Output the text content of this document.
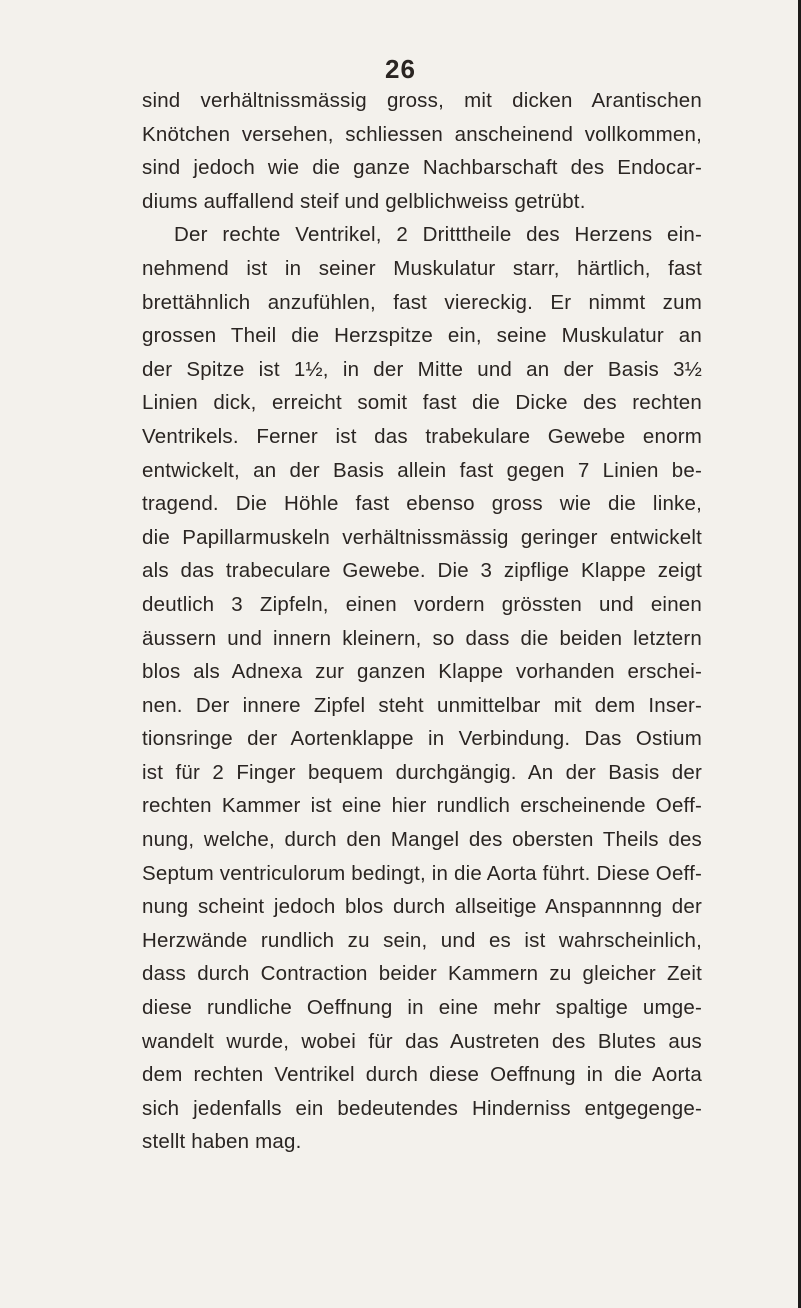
26
sind verhältnissmässig gross, mit dicken Arantischen
Knötchen versehen, schliessen anscheinend vollkommen,
sind jedoch wie die ganze Nachbarschaft des Endocar-
diums auffallend steif und gelblichweiss getrübt.
Der rechte Ventrikel, 2 Dritttheile des Herzens ein-
nehmend ist in seiner Muskulatur starr, härtlich, fast
brettähnlich anzufühlen, fast viereckig. Er nimmt zum
grossen Theil die Herzspitze ein, seine Muskulatur an
der Spitze ist 1½, in der Mitte und an der Basis 3½
Linien dick, erreicht somit fast die Dicke des rechten
Ventrikels. Ferner ist das trabekulare Gewebe enorm
entwickelt, an der Basis allein fast gegen 7 Linien be-
tragend. Die Höhle fast ebenso gross wie die linke,
die Papillarmuskeln verhältnissmässig geringer entwickelt
als das trabeculare Gewebe. Die 3 zipflige Klappe zeigt
deutlich 3 Zipfeln, einen vordern grössten und einen
äussern und innern kleinern, so dass die beiden letztern
blos als Adnexa zur ganzen Klappe vorhanden erschei-
nen. Der innere Zipfel steht unmittelbar mit dem Inser-
tionsringe der Aortenklappe in Verbindung. Das Ostium
ist für 2 Finger bequem durchgängig. An der Basis der
rechten Kammer ist eine hier rundlich erscheinende Oeff-
nung, welche, durch den Mangel des obersten Theils des
Septum ventriculorum bedingt, in die Aorta führt. Diese Oeff-
nung scheint jedoch blos durch allseitige Anspannnng der
Herzwände rundlich zu sein, und es ist wahrscheinlich,
dass durch Contraction beider Kammern zu gleicher Zeit
diese rundliche Oeffnung in eine mehr spaltige umge-
wandelt wurde, wobei für das Austreten des Blutes aus
dem rechten Ventrikel durch diese Oeffnung in die Aorta
sich jedenfalls ein bedeutendes Hinderniss entgegenge-
stellt haben mag.
